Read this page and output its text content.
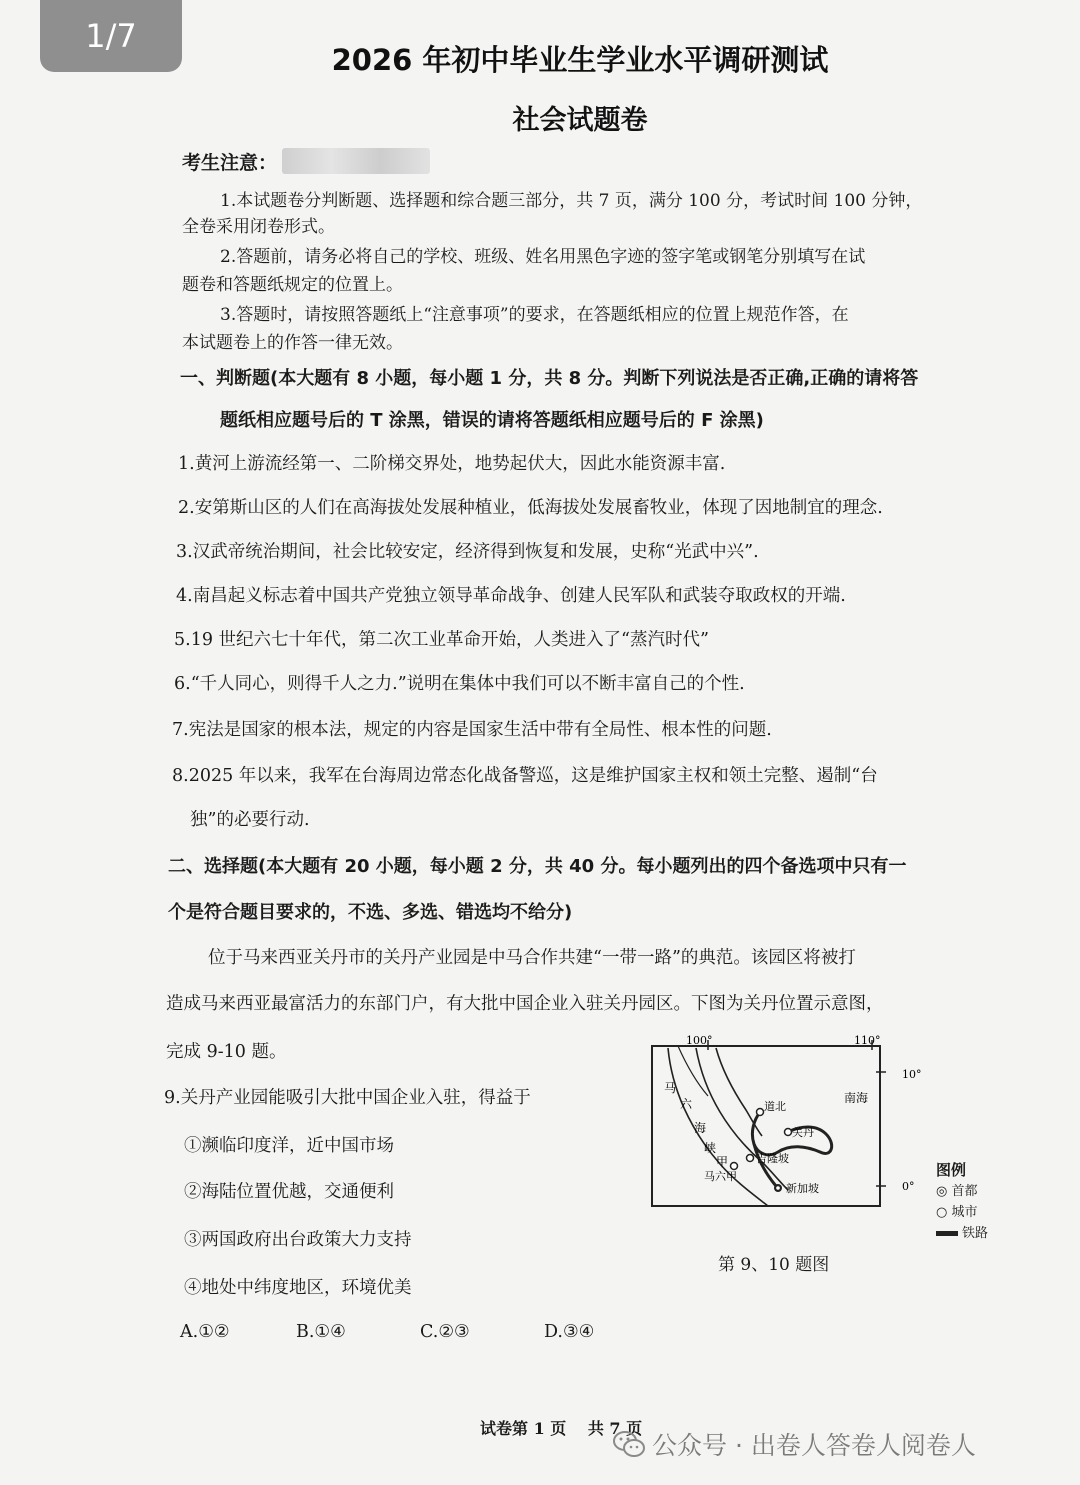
1/7
2026 年初中毕业生学业水平调研测试
社会试题卷
考生注意：
1.本试题卷分判断题、选择题和综合题三部分，共 7 页，满分 100 分，考试时间 100 分钟，
全卷采用闭卷形式。
2.答题前，请务必将自己的学校、班级、姓名用黑色字迹的签字笔或钢笔分别填写在试
题卷和答题纸规定的位置上。
3.答题时，请按照答题纸上“注意事项”的要求，在答题纸相应的位置上规范作答，在
本试题卷上的作答一律无效。
一、判断题(本大题有 8 小题，每小题 1 分，共 8 分。判断下列说法是否正确,正确的请将答
题纸相应题号后的 T 涂黑，错误的请将答题纸相应题号后的 F 涂黑)
1.黄河上游流经第一、二阶梯交界处，地势起伏大，因此水能资源丰富.
2.安第斯山区的人们在高海拔处发展种植业，低海拔处发展畜牧业，体现了因地制宜的理念.
3.汉武帝统治期间，社会比较安定，经济得到恢复和发展，史称“光武中兴”.
4.南昌起义标志着中国共产党独立领导革命战争、创建人民军队和武装夺取政权的开端.
5.19 世纪六七十年代，第二次工业革命开始，人类进入了“蒸汽时代”
6.“千人同心，则得千人之力.”说明在集体中我们可以不断丰富自己的个性.
7.宪法是国家的根本法，规定的内容是国家生活中带有全局性、根本性的问题.
8.2025 年以来，我军在台海周边常态化战备警巡，这是维护国家主权和领土完整、遏制“台
独”的必要行动.
二、选择题(本大题有 20 小题，每小题 2 分，共 40 分。每小题列出的四个备选项中只有一
个是符合题目要求的，不选、多选、错选均不给分)
位于马来西亚关丹市的关丹产业园是中马合作共建“一带一路”的典范。该园区将被打
造成马来西亚最富活力的东部门户，有大批中国企业入驻关丹园区。下图为关丹位置示意图，
完成 9-10 题。
9.关丹产业园能吸引大批中国企业入驻，得益于
①濒临印度洋，近中国市场
②海陆位置优越，交通便利
③两国政府出台政策大力支持
④地处中纬度地区，环境优美
A.①②	B.①④	C.②③	D.③④
100°	110°
10°
0°
马
六
海
峡
甲
南海
道北
关丹
吉隆坡
马六甲
新加坡
图例
◎ 首都
○ 城市
铁路
第 9、10 题图
试卷第 1 页　 共 7 页
公众号 · 出卷人答卷人阅卷人
